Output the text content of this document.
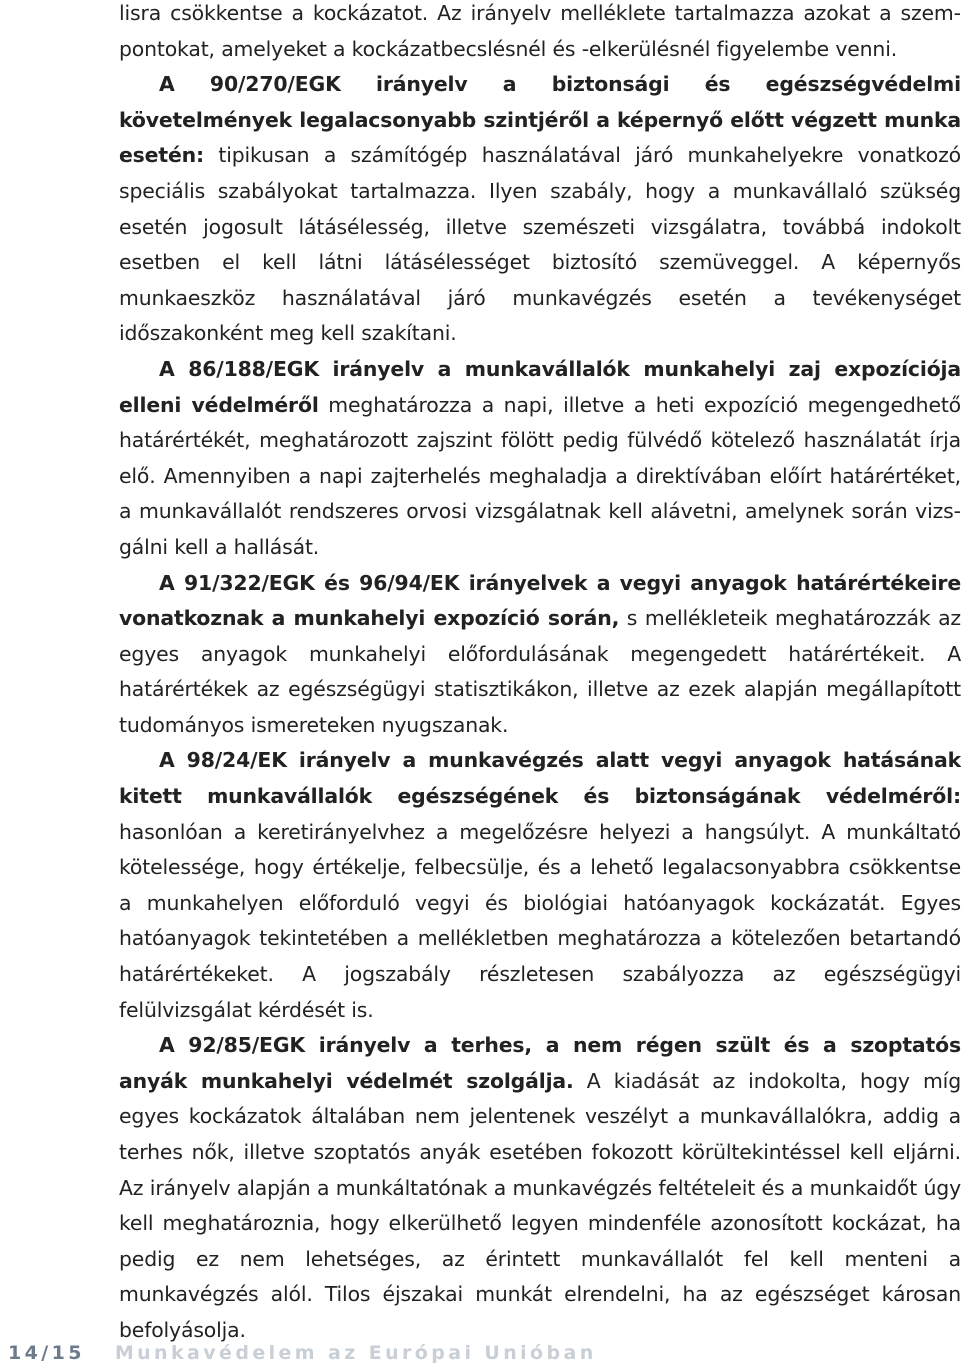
lisra csökkentse a kockázatot. Az irányelv melléklete tartalmazza azokat a szempontokat, amelyeket a kockázatbecslésnél és -elkerülésnél figyelembe venni.

A 90/270/EGK irányelv a biztonsági és egészségvédelmi követelmények legalacsonyabb szintjéről a képernyő előtt végzett munka esetén: tipikusan a számítógép használatával járó munkahelyekre vonatkozó speciális szabályokat tartalmazza. Ilyen szabály, hogy a munkavállaló szükség esetén jogosult látásélesség, illetve szemészeti vizsgálatra, továbbá indokolt esetben el kell látni látásélességet biztosító szemüveggel. A képernyős munkaeszköz használatával járó munkavégzés esetén a tevékenységet időszakonként meg kell szakítani.

A 86/188/EGK irányelv a munkavállalók munkahelyi zaj expozíciója elleni védelméről meghatározza a napi, illetve a heti expozíció megengedhető határértékét, meghatározott zajszint fölött pedig fülvédő kötelező használatát írja elő. Amennyiben a napi zajterhelés meghaladja a direktívában előírt határértéket, a munkavállalót rendszeres orvosi vizsgálatnak kell alávetni, amelynek során vizsgálni kell a hallását.

A 91/322/EGK és 96/94/EK irányelvek a vegyi anyagok határértékeire vonatkoznak a munkahelyi expozíció során, s mellékleteik meghatározzák az egyes anyagok munkahelyi előfordulásának megengedett határértékeit. A határértékek az egészségügyi statisztikákon, illetve az ezek alapján megállapított tudományos ismereteken nyugszanak.

A 98/24/EK irányelv a munkavégzés alatt vegyi anyagok hatásának kitett munkavállalók egészségének és biztonságának védelméről: hasonlóan a keretirányelvhez a megelőzésre helyezi a hangsúlyt. A munkáltató kötelessége, hogy értékelje, felbecsülje, és a lehető legalacsonyabbra csökkentse a munkahelyen előforduló vegyi és biológiai hatóanyagok kockázatát. Egyes hatóanyagok tekintetében a mellékletben meghatározza a kötelezően betartandó határértékeket. A jogszabály részletesen szabályozza az egészségügyi felülvizsgálat kérdését is.

A 92/85/EGK irányelv a terhes, a nem régen szült és a szoptatós anyák munkahelyi védelmét szolgálja. A kiadását az indokolta, hogy míg egyes kockázatok általában nem jelentenek veszélyt a munkavállalókra, addig a terhes nők, illetve szoptatós anyák esetében fokozott körültekintéssel kell eljárni. Az irányelv alapján a munkáltatónak a munkavégzés feltételeit és a munkaidőt úgy kell meghatároznia, hogy elkerülhető legyen mindenféle azonosított kockázat, ha pedig ez nem lehetséges, az érintett munkavállalót fel kell menteni a munkavégzés alól. Tilos éjszakai munkát elrendelni, ha az egészséget károsan befolyásolja.

14/15 Munkavédelem az Európai Unióban
